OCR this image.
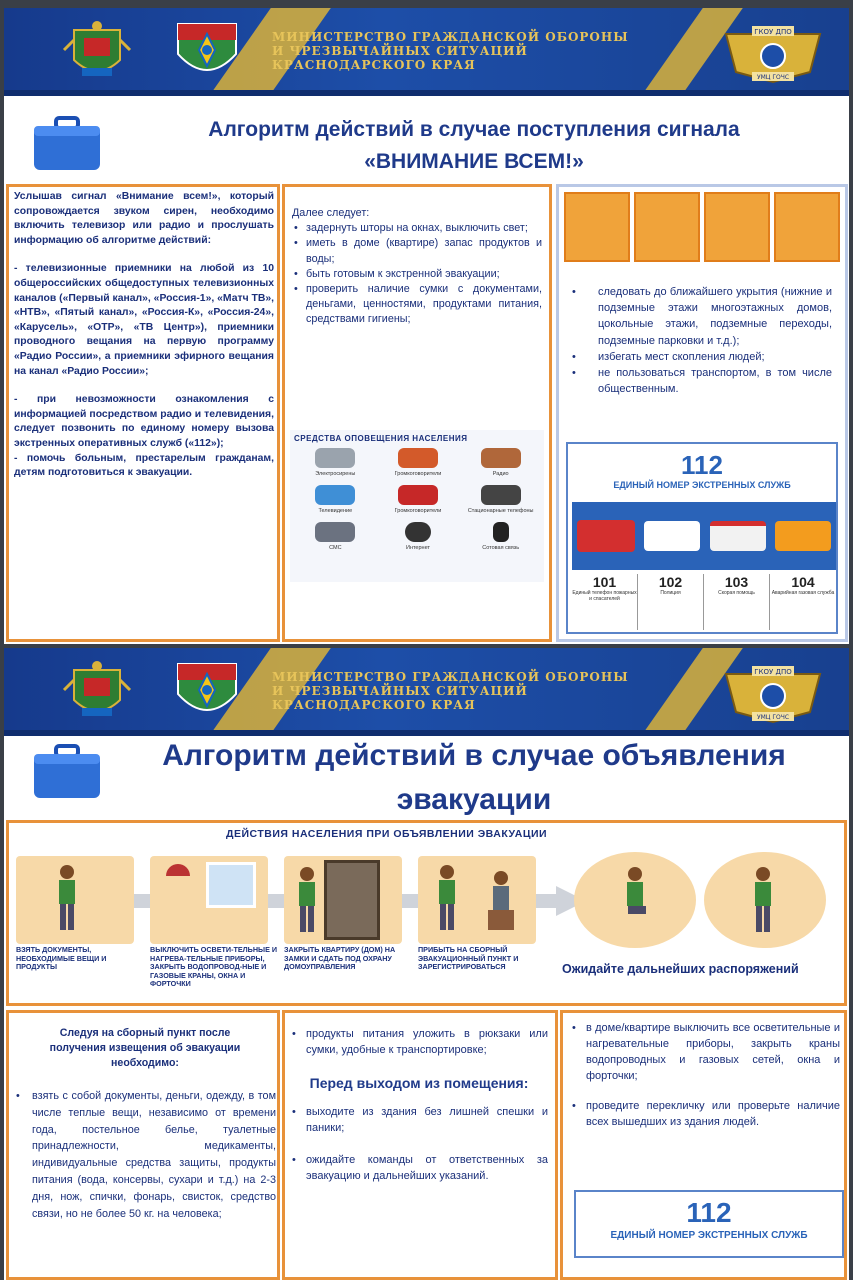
МИНИСТЕРСТВО ГРАЖДАНСКОЙ ОБОРОНЫ
И ЧРЕЗВЫЧАЙНЫХ СИТУАЦИЙ
КРАСНОДАРСКОГО КРАЯ
ГКОУ ДПО
УМЦ ГОЧС
Алгоритм действий в случае поступления сигнала
«ВНИМАНИЕ ВСЕМ!»

Услышав сигнал «Внимание всем!», который сопровождается звуком сирен, необходимо включить телевизор или радио и прослушать информацию об алгоритме действий:

- телевизионные приемники на любой из 10 общероссийских общедоступных телевизионных каналов («Первый канал», «Россия-1», «Матч ТВ», «НТВ», «Пятый канал», «Россия-К», «Россия-24», «Карусель», «ОТР», «ТВ Центр»), приемники проводного вещания на первую программу «Радио России», а приемники эфирного вещания на канал «Радио России»;

- при невозможности ознакомления с информацией посредством радио и телевидения, следует позвонить по единому номеру вызова экстренных оперативных служб («112»);

- помочь больным, престарелым гражданам, детям подготовиться к эвакуации.

Далее следует:

• задернуть шторы на окнах, выключить свет;
• иметь в доме (квартире) запас продуктов и воды;
• быть готовым к экстренной эвакуации;
• проверить наличие сумки с документами, деньгами, ценностями, продуктами питания, средствами гигиены;
СРЕДСТВА ОПОВЕЩЕНИЯ НАСЕЛЕНИЯ
Электросирены	Громкоговорители	Радио
Телевидение	Громкоговорители	Стационарные телефоны
СМС	Интернет	Сотовая связь
• следовать до ближайшего укрытия (нижние и подземные этажи многоэтажных домов, цокольные этажи, подземные переходы, подземные парковки и т.д.);
• избегать мест скопления людей;
• не пользоваться транспортом, в том числе общественным.
112
ЕДИНЫЙ НОМЕР ЭКСТРЕННЫХ СЛУЖБ
101
Единый телефон пожарных и спасателей
102
Полиция
103
Скорая помощь
104
Аварийная газовая служба
МИНИСТЕРСТВО ГРАЖДАНСКОЙ ОБОРОНЫ
И ЧРЕЗВЫЧАЙНЫХ СИТУАЦИЙ
КРАСНОДАРСКОГО КРАЯ
ГКОУ ДПО
УМЦ ГОЧС
Алгоритм действий в случае объявления
эвакуации
ДЕЙСТВИЯ НАСЕЛЕНИЯ ПРИ ОБЪЯВЛЕНИИ ЭВАКУАЦИИ
ВЗЯТЬ ДОКУМЕНТЫ, НЕОБХОДИМЫЕ ВЕЩИ И ПРОДУКТЫ
ВЫКЛЮЧИТЬ ОСВЕТИ-ТЕЛЬНЫЕ И НАГРЕВА-ТЕЛЬНЫЕ ПРИБОРЫ, ЗАКРЫТЬ ВОДОПРОВОД-НЫЕ И ГАЗОВЫЕ КРАНЫ, ОКНА И ФОРТОЧКИ
ЗАКРЫТЬ КВАРТИРУ (ДОМ) НА ЗАМКИ И СДАТЬ ПОД ОХРАНУ ДОМОУПРАВЛЕНИЯ
ПРИБЫТЬ НА СБОРНЫЙ ЭВАКУАЦИОННЫЙ ПУНКТ И ЗАРЕГИСТРИРОВАТЬСЯ	Ожидайте дальнейших распоряжений
Следуя на сборный пункт после получения извещения об эвакуации необходимо:
• взять с собой документы, деньги, одежду, в том числе теплые вещи, независимо от времени года, постельное белье, туалетные принадлежности, медикаменты, индивидуальные средства защиты, продукты питания (вода, консервы, сухари и т.д.) на 2-3 дня, нож, спички, фонарь, свисток, средство связи, но не более 50 кг. на человека;
• продукты питания уложить в рюкзаки или сумки, удобные к транспортировке;

Перед выходом из помещения:

• выходите из здания без лишней спешки и паники;
• ожидайте команды от ответственных за эвакуацию и дальнейших указаний.
• в доме/квартире выключить все осветительные и нагревательные приборы, закрыть краны водопроводных и газовых сетей, окна и форточки;
• проведите перекличку или проверьте наличие всех вышедших из здания людей.
112
ЕДИНЫЙ НОМЕР ЭКСТРЕННЫХ СЛУЖБ
